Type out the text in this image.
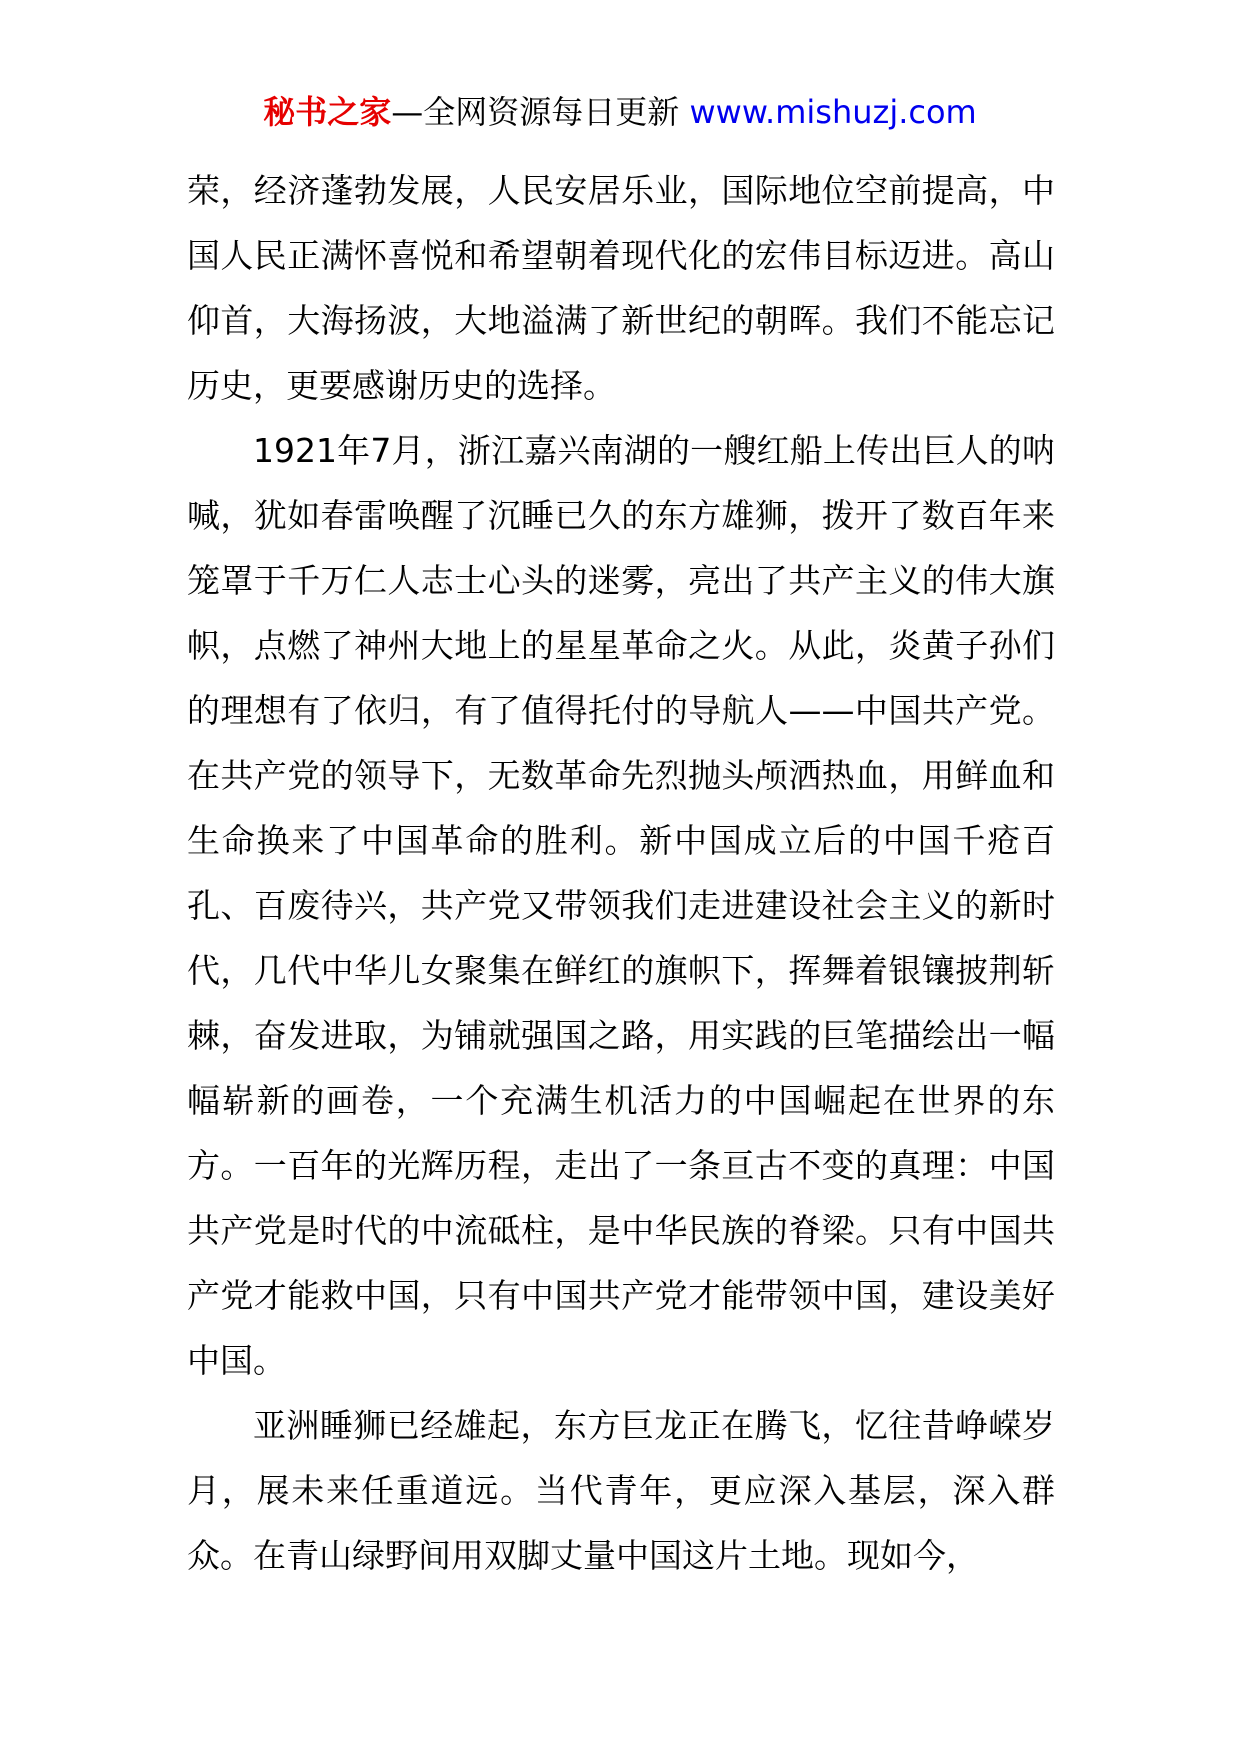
秘书之家—全网资源每日更新 www.mishuzj.com

荣，经济蓬勃发展，人民安居乐业，国际地位空前提高，中国人民正满怀喜悦和希望朝着现代化的宏伟目标迈进。高山仰首，大海扬波，大地溢满了新世纪的朝晖。我们不能忘记历史，更要感谢历史的选择。

1921年7月，浙江嘉兴南湖的一艘红船上传出巨人的呐喊，犹如春雷唤醒了沉睡已久的东方雄狮，拨开了数百年来笼罩于千万仁人志士心头的迷雾，亮出了共产主义的伟大旗帜，点燃了神州大地上的星星革命之火。从此，炎黄子孙们的理想有了依归，有了值得托付的导航人——中国共产党。在共产党的领导下，无数革命先烈抛头颅洒热血，用鲜血和生命换来了中国革命的胜利。新中国成立后的中国千疮百孔、百废待兴，共产党又带领我们走进建设社会主义的新时代，几代中华儿女聚集在鲜红的旗帜下，挥舞着银镶披荆斩棘，奋发进取，为铺就强国之路，用实践的巨笔描绘出一幅幅崭新的画卷，一个充满生机活力的中国崛起在世界的东方。一百年的光辉历程，走出了一条亘古不变的真理：中国共产党是时代的中流砥柱，是中华民族的脊梁。只有中国共产党才能救中国，只有中国共产党才能带领中国，建设美好中国。

亚洲睡狮已经雄起，东方巨龙正在腾飞，忆往昔峥嵘岁月，展未来任重道远。当代青年，更应深入基层，深入群众。在青山绿野间用双脚丈量中国这片土地。现如今，
